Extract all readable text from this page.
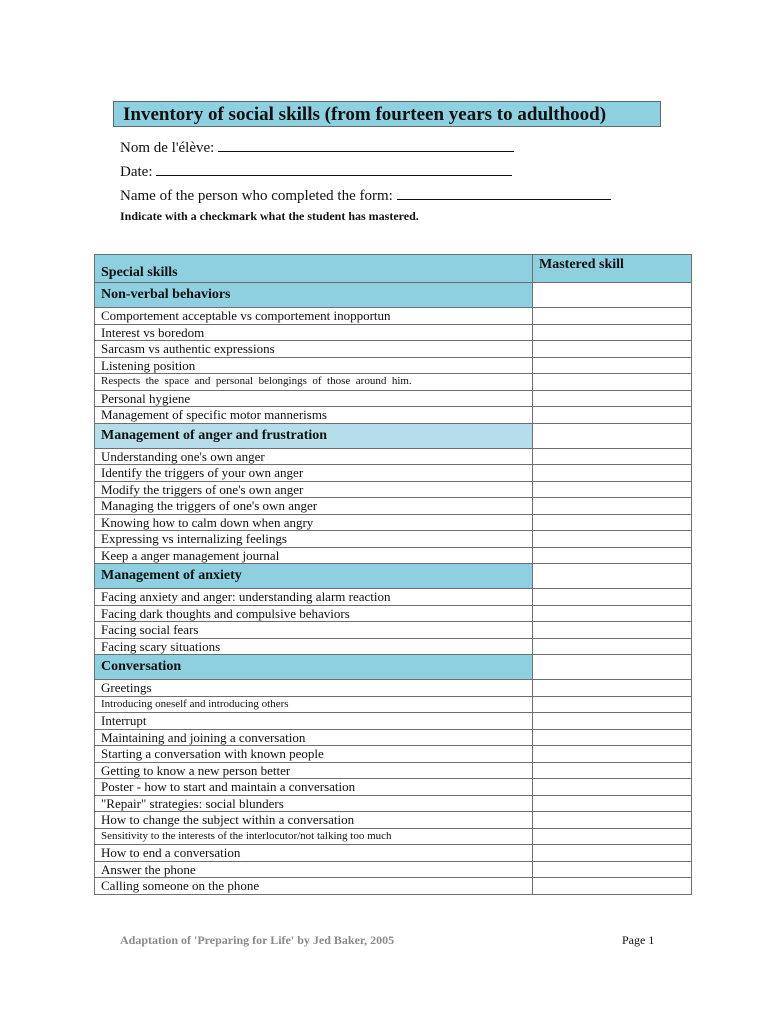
Inventory of social skills (from fourteen years to adulthood)
Nom de l'élève:
Date:
Name of the person who completed the form:
Indicate with a checkmark what the student has mastered.
Special skills	Mastered skill
Non-verbal behaviors	
Comportement acceptable vs comportement inopportun	
Interest vs boredom	
Sarcasm vs authentic expressions	
Listening position	
Respects  the  space  and  personal  belongings  of  those  around  him.	
Personal hygiene	
Management of specific motor mannerisms	
Management of anger and frustration	
Understanding one's own anger	
Identify the triggers of your own anger	
Modify the triggers of one's own anger	
Managing the triggers of one's own anger	
Knowing how to calm down when angry	
Expressing vs internalizing feelings	
Keep a anger management journal	
Management of anxiety	
Facing anxiety and anger: understanding alarm reaction	
Facing dark thoughts and compulsive behaviors	
Facing social fears	
Facing scary situations	
Conversation	
Greetings	
Introducing oneself and introducing others	
Interrupt	
Maintaining and joining a conversation	
Starting a conversation with known people	
Getting to know a new person better	
Poster - how to start and maintain a conversation	
"Repair" strategies: social blunders	
How to change the subject within a conversation	
Sensitivity to the interests of the interlocutor/not talking too much	
How to end a conversation	
Answer the phone	
Calling someone on the phone	
Adaptation of 'Preparing for Life' by Jed Baker, 2005	Page 1
